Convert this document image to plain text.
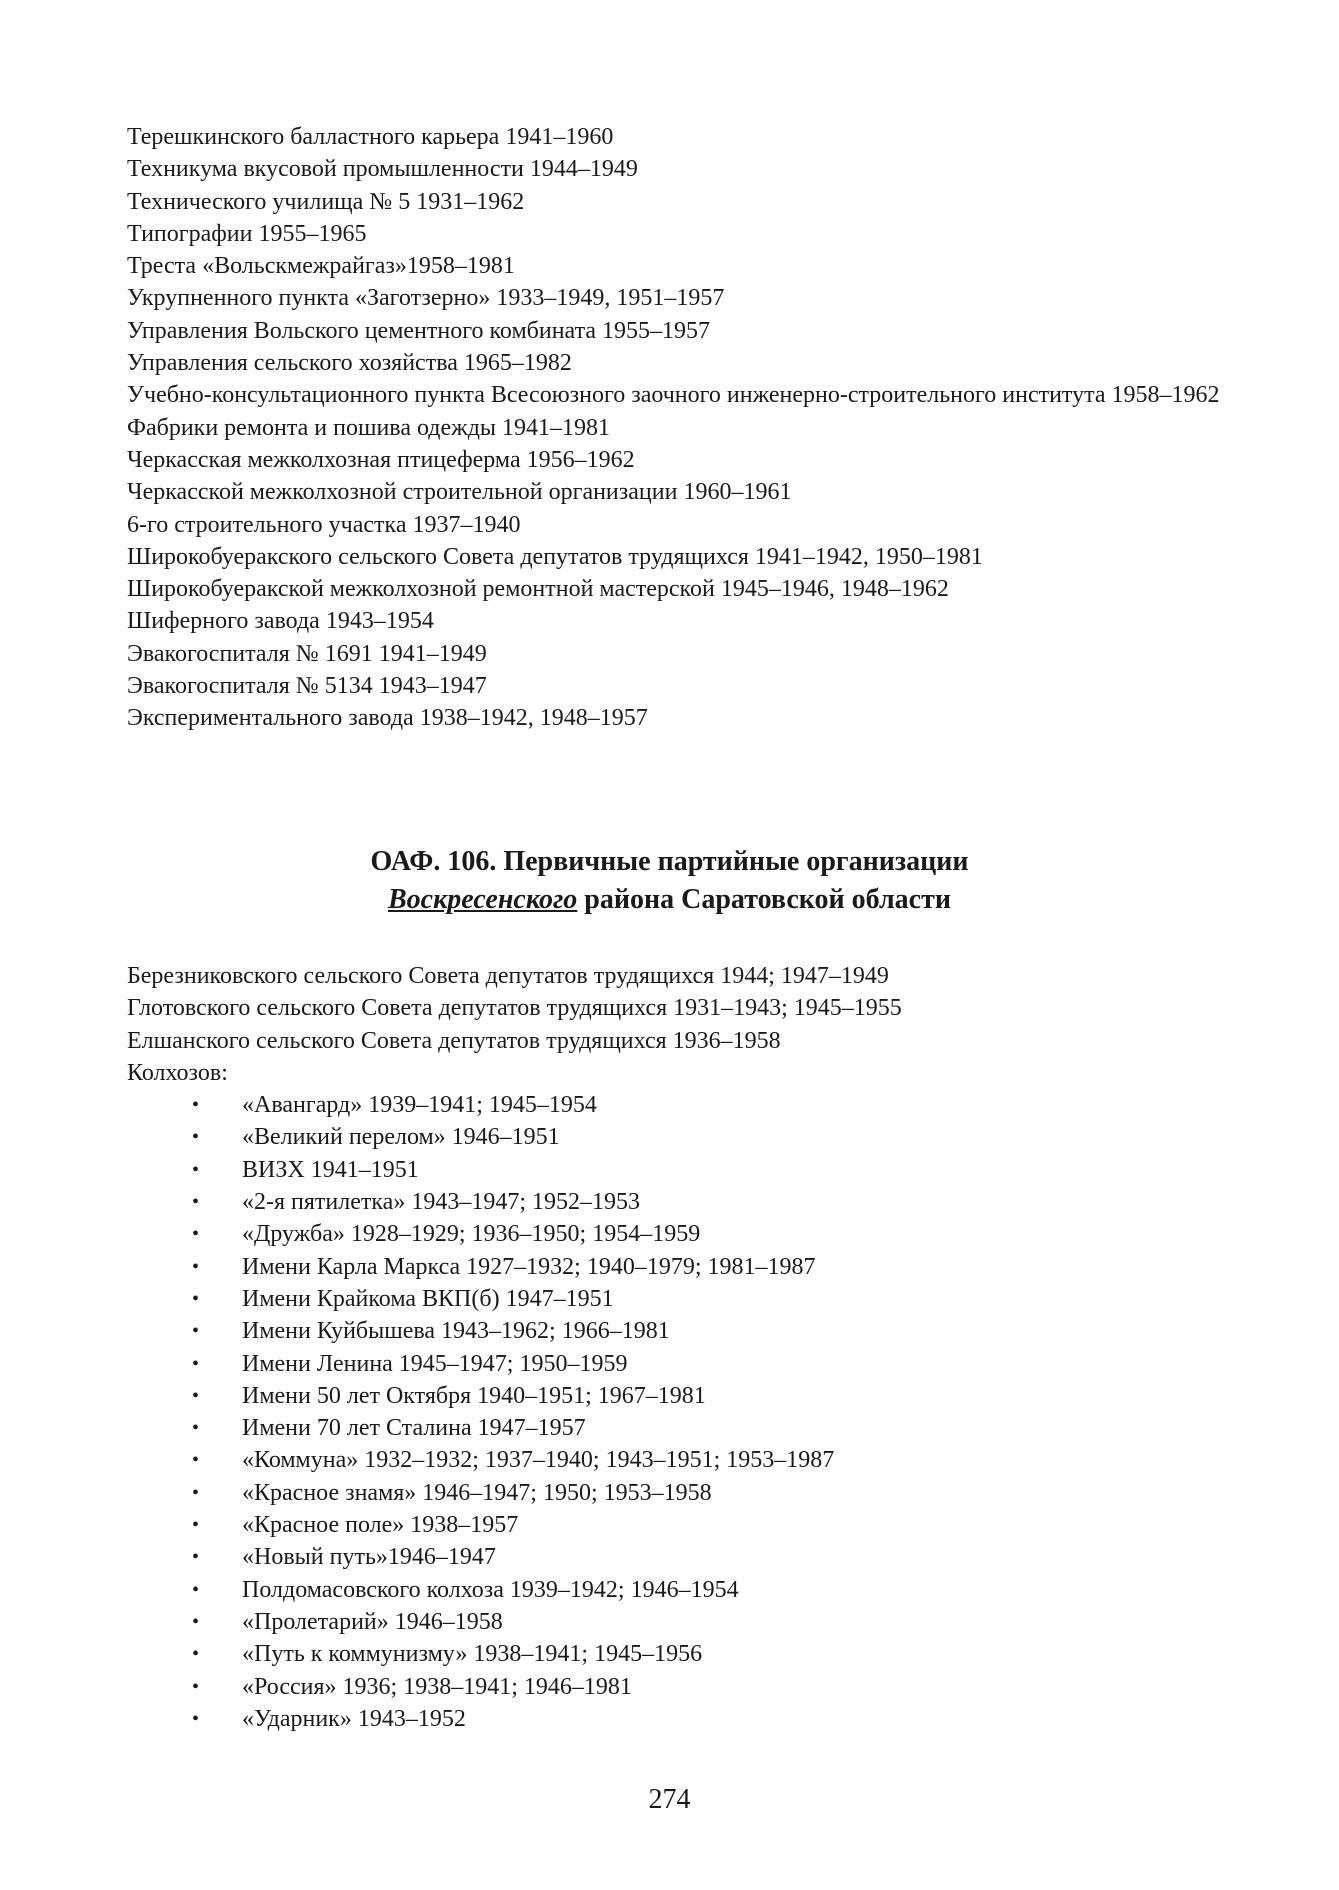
Терешкинского балластного карьера 1941–1960
Техникума вкусовой промышленности 1944–1949
Технического училища № 5 1931–1962
Типографии 1955–1965
Треста «Вольскмежрайгаз»1958–1981
Укрупненного пункта «Заготзерно» 1933–1949, 1951–1957
Управления Вольского цементного комбината 1955–1957
Управления сельского хозяйства 1965–1982
Учебно-консультационного пункта Всесоюзного заочного инженерно-строительного института 1958–1962
Фабрики ремонта и пошива одежды 1941–1981
Черкасская межколхозная птицеферма 1956–1962
Черкасской межколхозной строительной организации 1960–1961
6-го строительного участка 1937–1940
Широкобуеракского сельского Совета депутатов трудящихся 1941–1942, 1950–1981
Широкобуеракской межколхозной ремонтной мастерской 1945–1946, 1948–1962
Шиферного завода 1943–1954
Эвакогоспиталя № 1691 1941–1949
Эвакогоспиталя № 5134 1943–1947
Экспериментального завода 1938–1942, 1948–1957
ОАФ. 106. Первичные партийные организации
Воскресенского района Саратовской области
Березниковского сельского Совета депутатов трудящихся 1944; 1947–1949
Глотовского сельского Совета депутатов трудящихся 1931–1943; 1945–1955
Елшанского сельского Совета депутатов трудящихся 1936–1958
Колхозов:
• «Авангард» 1939–1941; 1945–1954
• «Великий перелом» 1946–1951
• ВИЗХ 1941–1951
• «2-я пятилетка» 1943–1947; 1952–1953
• «Дружба» 1928–1929; 1936–1950; 1954–1959
• Имени Карла Маркса 1927–1932; 1940–1979; 1981–1987
• Имени Крайкома ВКП(б) 1947–1951
• Имени Куйбышева 1943–1962; 1966–1981
• Имени Ленина 1945–1947; 1950–1959
• Имени 50 лет Октября 1940–1951; 1967–1981
• Имени 70 лет Сталина 1947–1957
• «Коммуна» 1932–1932; 1937–1940; 1943–1951; 1953–1987
• «Красное знамя» 1946–1947; 1950; 1953–1958
• «Красное поле» 1938–1957
• «Новый путь»1946–1947
• Полдомасовского колхоза 1939–1942; 1946–1954
• «Пролетарий» 1946–1958
• «Путь к коммунизму» 1938–1941; 1945–1956
• «Россия» 1936; 1938–1941; 1946–1981
• «Ударник» 1943–1952
274
